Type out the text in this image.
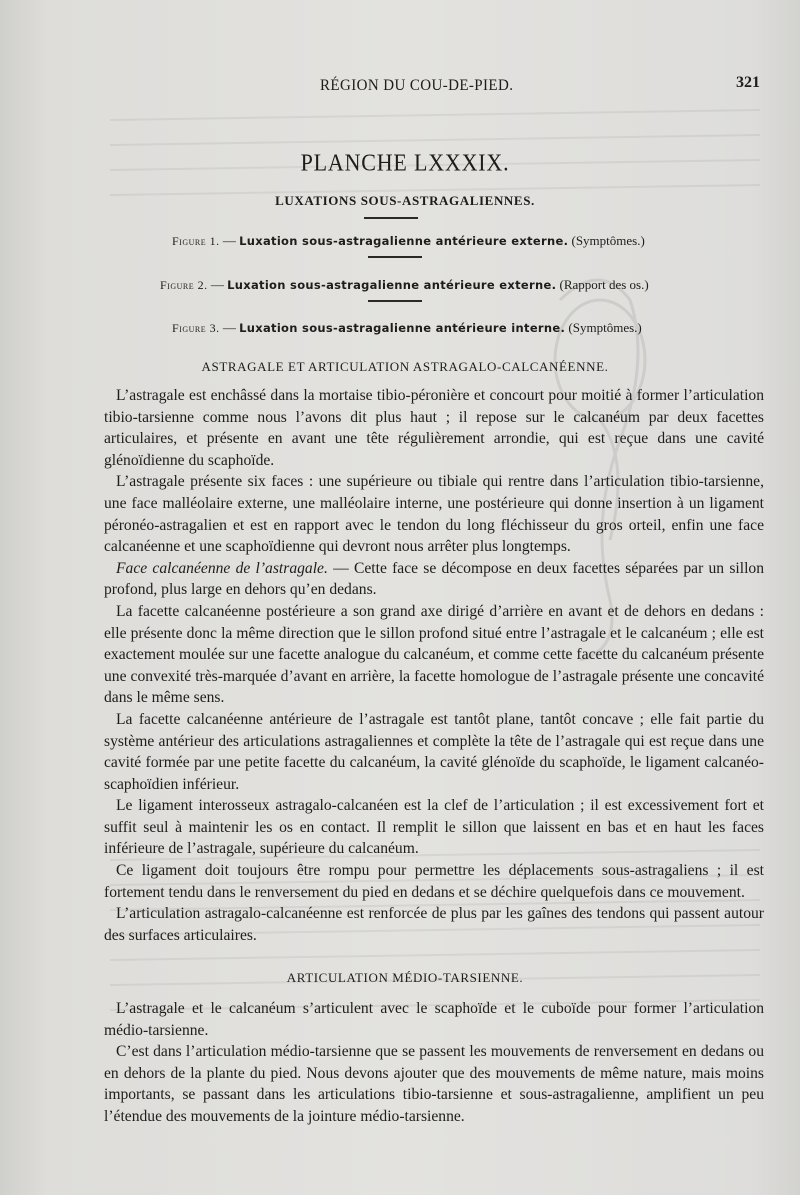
RÉGION DU COU-DE-PIED.	321
PLANCHE LXXXIX.
LUXATIONS SOUS-ASTRAGALIENNES.
Figure 1. — Luxation sous-astragalienne antérieure externe. (Symptômes.)
Figure 2. — Luxation sous-astragalienne antérieure externe. (Rapport des os.)
Figure 3. — Luxation sous-astragalienne antérieure interne. (Symptômes.)
ASTRAGALE ET ARTICULATION ASTRAGALO-CALCANÉENNE.

L’astragale est enchâssé dans la mortaise tibio-péronière et concourt pour moitié à former l’articulation tibio-tarsienne comme nous l’avons dit plus haut ; il repose sur le calcanéum par deux facettes articulaires, et présente en avant une tête régulièrement arrondie, qui est reçue dans une cavité glénoïdienne du scaphoïde.

L’astragale présente six faces : une supérieure ou tibiale qui rentre dans l’articulation tibio-tarsienne, une face malléolaire externe, une malléolaire interne, une postérieure qui donne insertion à un ligament péronéo-astragalien et est en rapport avec le tendon du long fléchisseur du gros orteil, enfin une face calcanéenne et une scaphoïdienne qui devront nous arrêter plus longtemps.

Face calcanéenne de l’astragale. — Cette face se décompose en deux facettes séparées par un sillon profond, plus large en dehors qu’en dedans.

La facette calcanéenne postérieure a son grand axe dirigé d’arrière en avant et de dehors en dedans : elle présente donc la même direction que le sillon profond situé entre l’astragale et le calcanéum ; elle est exactement moulée sur une facette analogue du calcanéum, et comme cette facette du calcanéum présente une convexité très-marquée d’avant en arrière, la facette homologue de l’astragale présente une concavité dans le même sens.

La facette calcanéenne antérieure de l’astragale est tantôt plane, tantôt concave ; elle fait partie du système antérieur des articulations astragaliennes et complète la tête de l’astragale qui est reçue dans une cavité formée par une petite facette du calcanéum, la cavité glénoïde du scaphoïde, le ligament calcanéo-scaphoïdien inférieur.

Le ligament interosseux astragalo-calcanéen est la clef de l’articulation ; il est excessivement fort et suffit seul à maintenir les os en contact. Il remplit le sillon que laissent en bas et en haut les faces inférieure de l’astragale, supérieure du calcanéum.

Ce ligament doit toujours être rompu pour permettre les déplacements sous-astragaliens ; il est fortement tendu dans le renversement du pied en dedans et se déchire quelquefois dans ce mouvement.

L’articulation astragalo-calcanéenne est renforcée de plus par les gaînes des tendons qui passent autour des surfaces articulaires.

ARTICULATION MÉDIO-TARSIENNE.

L’astragale et le calcanéum s’articulent avec le scaphoïde et le cuboïde pour former l’articulation médio-tarsienne.

C’est dans l’articulation médio-tarsienne que se passent les mouvements de renversement en dedans ou en dehors de la plante du pied. Nous devons ajouter que des mouvements de même nature, mais moins importants, se passant dans les articulations tibio-tarsienne et sous-astragalienne, amplifient un peu l’étendue des mouvements de la jointure médio-tarsienne.
